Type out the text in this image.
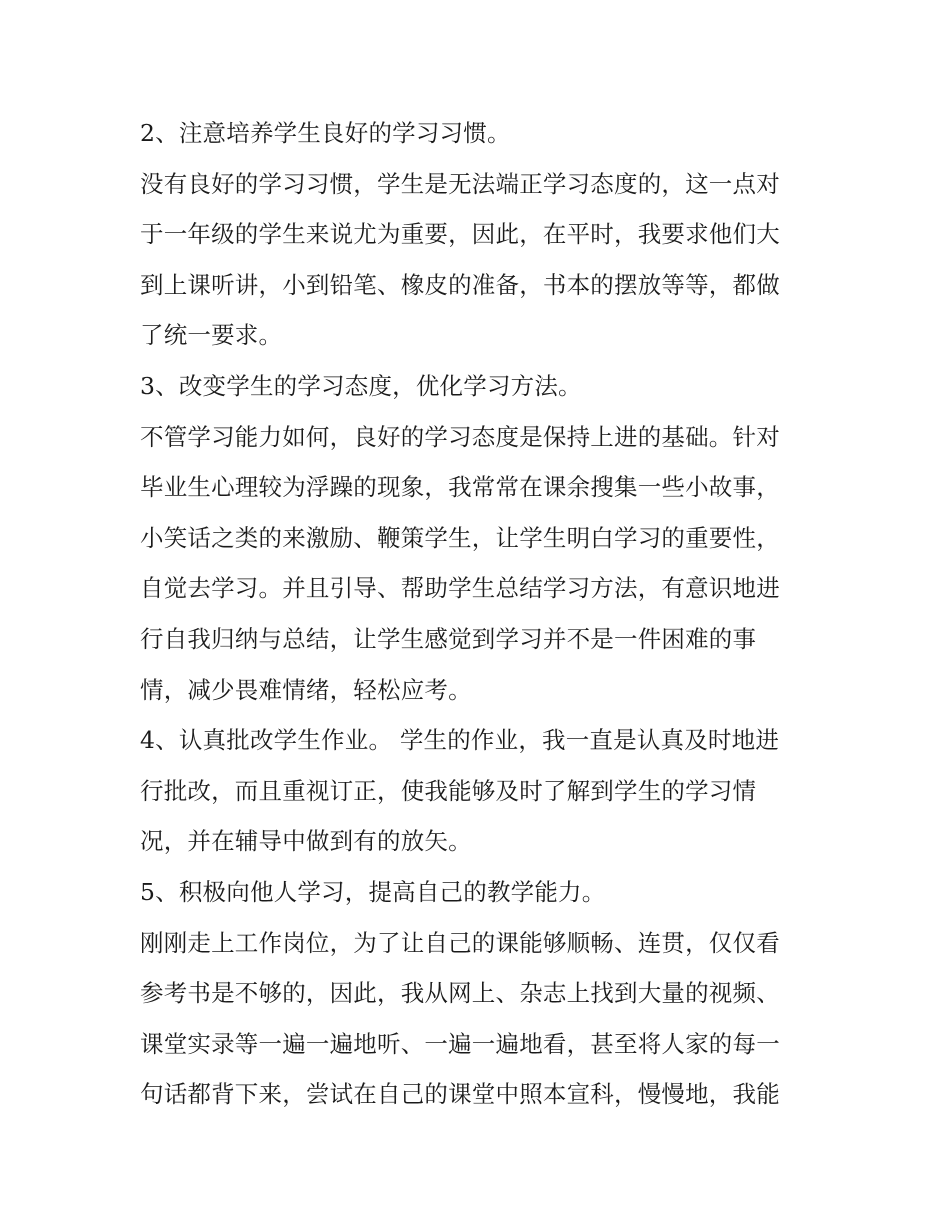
2、注意培养学生良好的学习习惯。
没有良好的学习习惯，学生是无法端正学习态度的，这一点对
于一年级的学生来说尤为重要，因此，在平时，我要求他们大
到上课听讲，小到铅笔、橡皮的准备，书本的摆放等等，都做
了统一要求。
3、改变学生的学习态度，优化学习方法。
不管学习能力如何，良好的学习态度是保持上进的基础。针对
毕业生心理较为浮躁的现象，我常常在课余搜集一些小故事，
小笑话之类的来激励、鞭策学生，让学生明白学习的重要性，
自觉去学习。并且引导、帮助学生总结学习方法，有意识地进
行自我归纳与总结，让学生感觉到学习并不是一件困难的事
情，减少畏难情绪，轻松应考。
4、认真批改学生作业。 学生的作业，我一直是认真及时地进
行批改，而且重视订正，使我能够及时了解到学生的学习情
况，并在辅导中做到有的放矢。
5、积极向他人学习，提高自己的教学能力。
刚刚走上工作岗位，为了让自己的课能够顺畅、连贯，仅仅看
参考书是不够的，因此，我从网上、杂志上找到大量的视频、
课堂实录等一遍一遍地听、一遍一遍地看，甚至将人家的每一
句话都背下来，尝试在自己的课堂中照本宣科，慢慢地，我能
